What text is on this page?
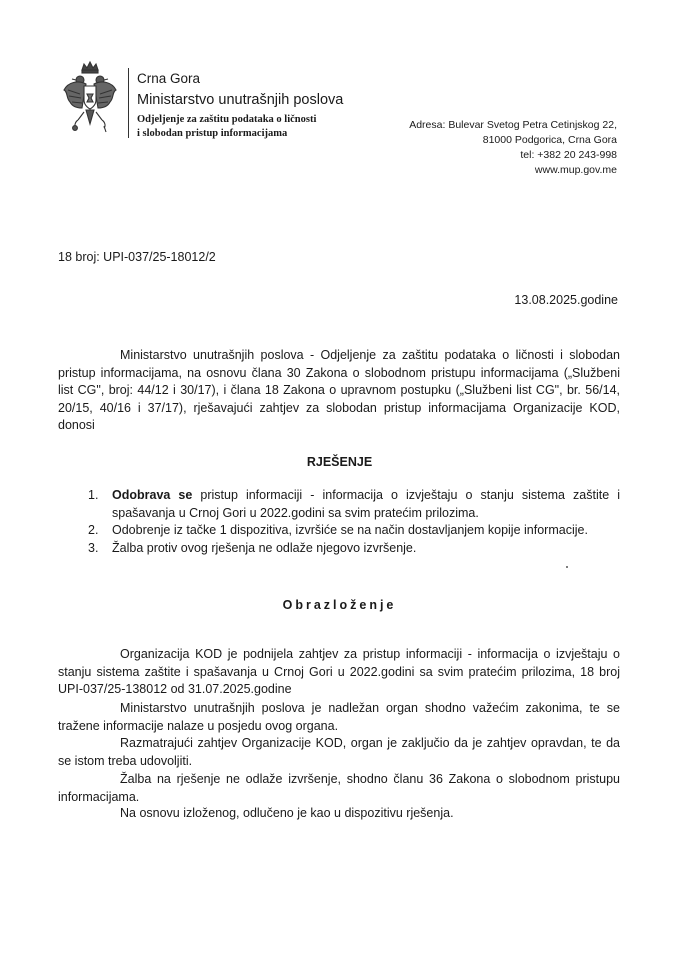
Crna Gora
Ministarstvo unutrašnjih poslova
Odjeljenje za zaštitu podataka o ličnosti
i slobodan pristup informacijama
Adresa: Bulevar Svetog Petra Cetinjskog 22,
81000 Podgorica, Crna Gora
tel: +382 20 243-998
www.mup.gov.me
18 broj: UPI-037/25-18012/2
13.08.2025.godine

Ministarstvo unutrašnjih poslova - Odjeljenje za zaštitu podataka o ličnosti i slobodan pristup informacijama, na osnovu člana 30 Zakona o slobodnom pristupu informacijama („Službeni list CG", broj: 44/12 i 30/17), i člana 18 Zakona o upravnom postupku („Službeni list CG", br. 56/14, 20/15, 40/16 i 37/17), rješavajući zahtjev za slobodan pristup informacijama Organizacije KOD, donosi

RJEŠENJE
1. Odobrava se pristup informaciji - informacija o izvještaju o stanju sistema zaštite i spašavanja u Crnoj Gori u 2022.godini sa svim pratećim prilozima.
2. Odobrenje iz tačke 1 dispozitiva, izvršiće se na način dostavljanjem kopije informacije.
3. Žalba protiv ovog rješenja ne odlaže njegovo izvršenje.
Obrazloženje

Organizacija KOD je podnijela zahtjev za pristup informaciji - informacija o izvještaju o stanju sistema zaštite i spašavanja u Crnoj Gori u 2022.godini sa svim pratećim prilozima, 18 broj UPI-037/25-138012 od 31.07.2025.godine

Ministarstvo unutrašnjih poslova je nadležan organ shodno važećim zakonima, te se tražene informacije nalaze u posjedu ovog organa.

Razmatrajući zahtjev Organizacije KOD, organ je zaključio da je zahtjev opravdan, te da se istom treba udovoljiti.

Žalba na rješenje ne odlaže izvršenje, shodno članu 36 Zakona o slobodnom pristupu informacijama.

Na osnovu izloženog, odlučeno je kao u dispozitivu rješenja.
